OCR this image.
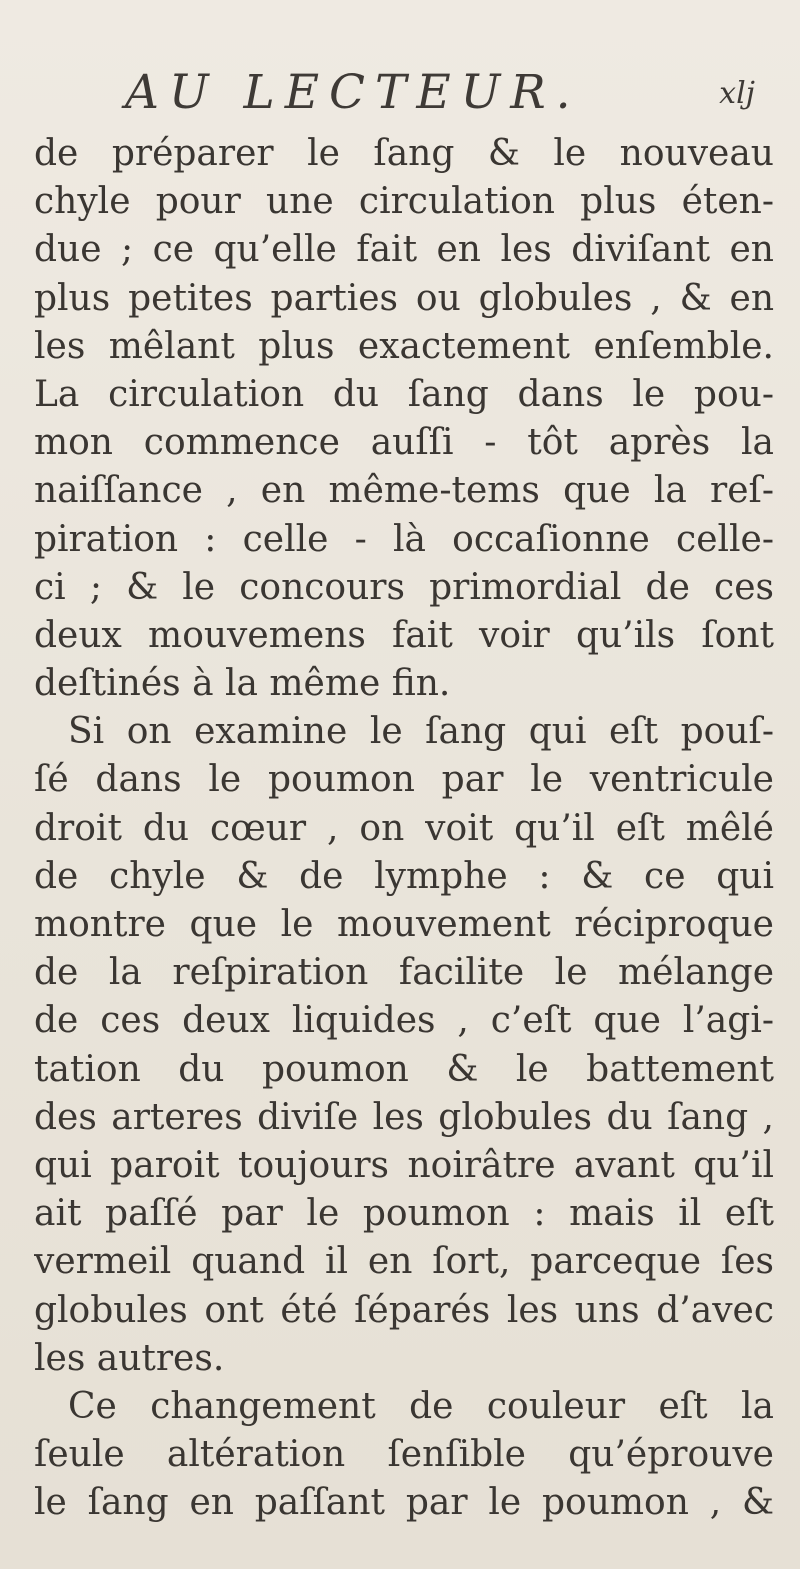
AU LECTEUR.	xlj
de préparer le ſang & le nouveau
chyle pour une circulation plus éten-
due ; ce qu’elle fait en les diviſant en
plus petites parties ou globules , & en
les mêlant plus exactement enſemble.
La circulation du ſang dans le pou-
mon commence auſſi - tôt après la
naiſſance , en même-tems que la reſ-
piration : celle - là occaſionne celle-
ci ; & le concours primordial de ces
deux mouvemens fait voir qu’ils ſont
deſtinés à la même fin.
Si on examine le ſang qui eſt pouſ-
ſé dans le poumon par le ventricule
droit du cœur , on voit qu’il eſt mêlé
de chyle & de lymphe : & ce qui
montre que le mouvement réciproque
de la reſpiration facilite le mélange
de ces deux liquides , c’eſt que l’agi-
tation du poumon & le battement
des arteres diviſe les globules du ſang ,
qui paroit toujours noirâtre avant qu’il
ait paſſé par le poumon : mais il eſt
vermeil quand il en ſort, parceque ſes
globules ont été ſéparés les uns d’avec
les autres.
Ce changement de couleur eſt la
ſeule altération ſenſible qu’éprouve
le ſang en paſſant par le poumon , &
